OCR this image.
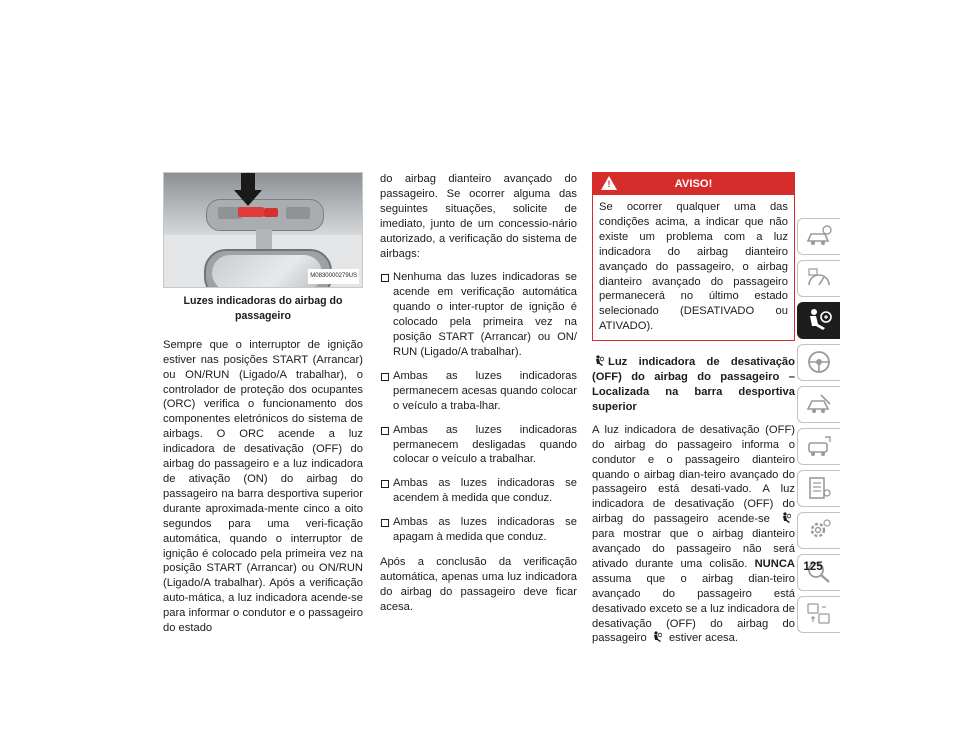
M0830000279US

Luzes indicadoras do airbag do passageiro

Sempre que o interruptor de ignição estiver nas posições START (Arrancar) ou ON/RUN (Ligado/A trabalhar), o controlador de proteção dos ocupantes (ORC) verifica o funcionamento dos componentes eletrónicos do sistema de airbags. O ORC acende a luz indicadora de desativação (OFF) do airbag do passageiro e a luz indicadora de ativação (ON) do airbag do passageiro na barra desportiva superior durante aproximada-mente cinco a oito segundos para uma veri-ficação automática, quando o interruptor de ignição é colocado pela primeira vez na posição START (Arrancar) ou ON/RUN (Ligado/A trabalhar). Após a verificação auto-mática, a luz indicadora acende-se para informar o condutor e o passageiro do estado

do airbag dianteiro avançado do passageiro. Se ocorrer alguma das seguintes situações, solicite de imediato, junto de um concessio-nário autorizado, a verificação do sistema de airbags:

Nenhuma das luzes indicadoras se acende em verificação automática quando o inter-ruptor de ignição é colocado pela primeira vez na posição START (Arrancar) ou ON/ RUN (Ligado/A trabalhar).
Ambas as luzes indicadoras permanecem acesas quando colocar o veículo a traba-lhar.
Ambas as luzes indicadoras permanecem desligadas quando colocar o veículo a trabalhar.
Ambas as luzes indicadoras se acendem à medida que conduz.
Ambas as luzes indicadoras se apagam à medida que conduz.

Após a conclusão da verificação automática, apenas uma luz indicadora do airbag do passageiro deve ficar acesa.

!	AVISO!
Se ocorrer qualquer uma das condições acima, a indicar que não existe um problema com a luz indicadora do airbag dianteiro avançado do passageiro, o airbag dianteiro avançado do passageiro permanecerá no último estado selecionado (DESATIVADO ou ATIVADO).

Luz indicadora de desativação (OFF) do airbag do passageiro – Localizada na barra desportiva superior

A luz indicadora de desativação (OFF) do airbag do passageiro informa o condutor e o passageiro dianteiro quando o airbag dian-teiro avançado do passageiro está desati-vado. A luz indicadora de desativação (OFF) do airbag do passageiro acende-se  para mostrar que o airbag dianteiro avançado do passageiro não será ativado durante uma colisão. NUNCA assuma que o airbag dian-teiro avançado do passageiro está desativado exceto se a luz indicadora de desativação (OFF) do airbag do passageiro estiver acesa.

125
